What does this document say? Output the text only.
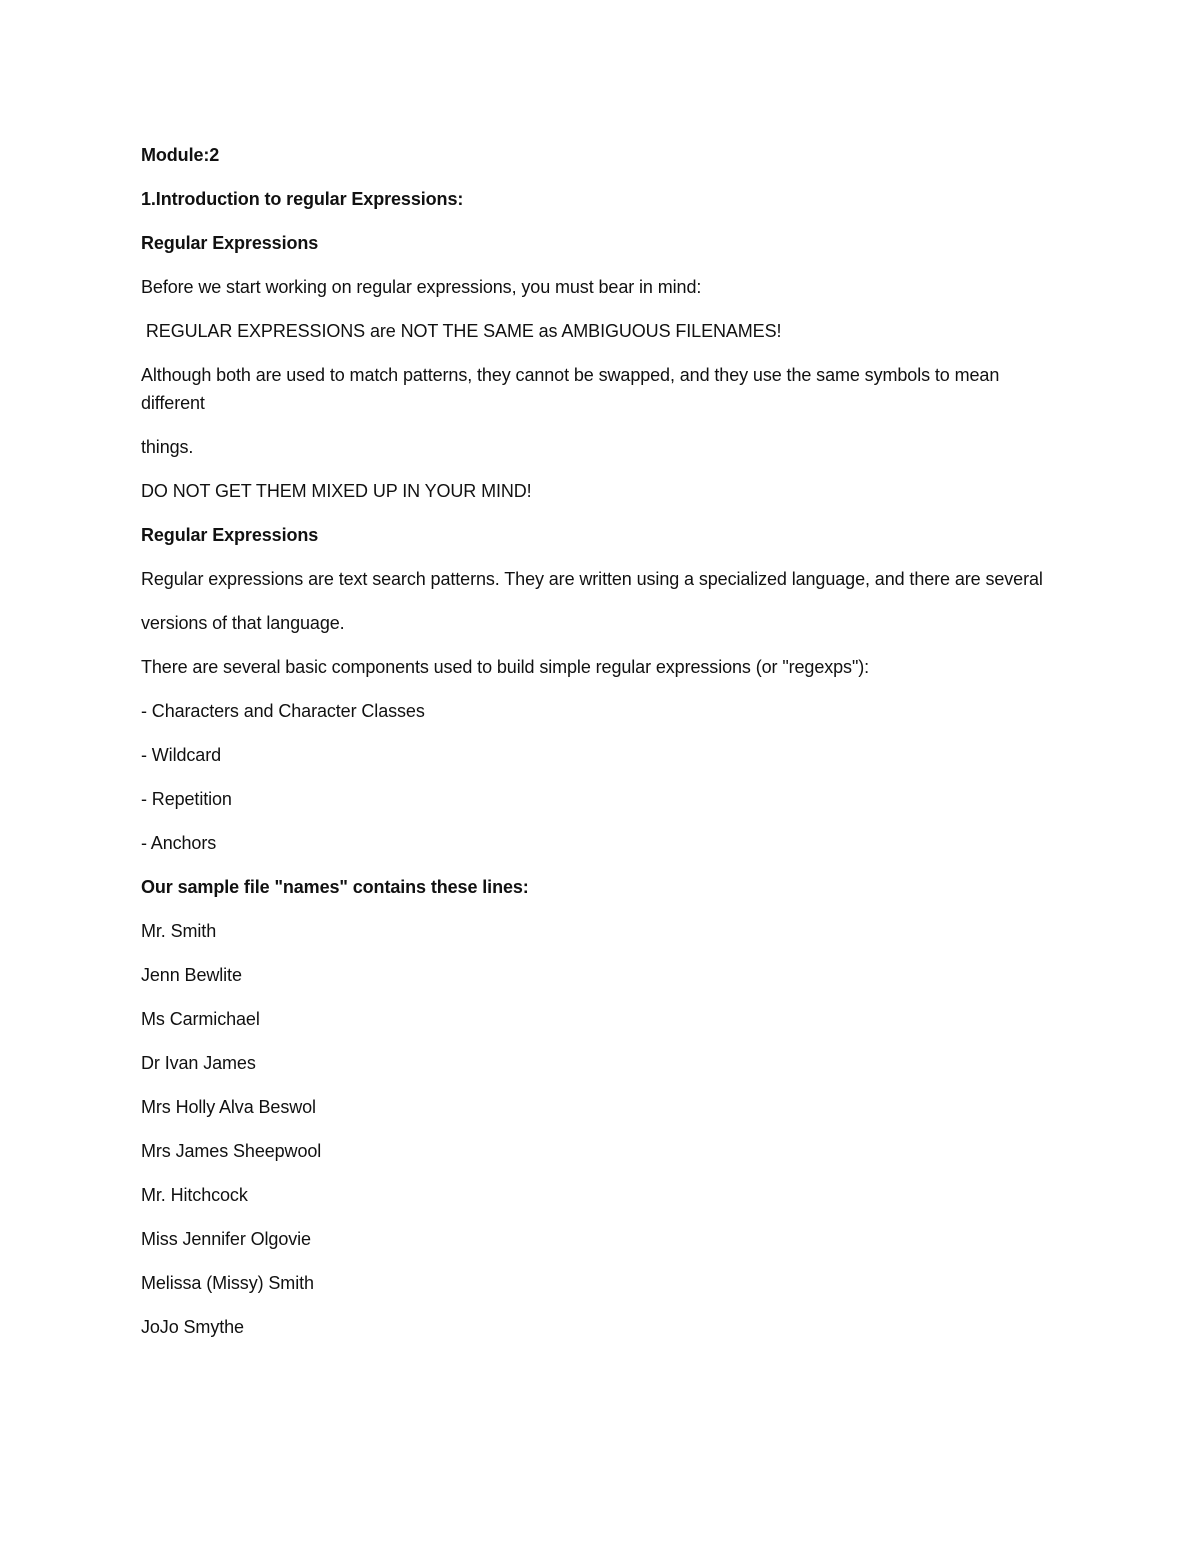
Module:2
1.Introduction to regular Expressions:
Regular Expressions
Before we start working on regular expressions, you must bear in mind:
REGULAR EXPRESSIONS are NOT THE SAME as AMBIGUOUS FILENAMES!
Although both are used to match patterns, they cannot be swapped, and they use the same symbols to mean different
things.
DO NOT GET THEM MIXED UP IN YOUR MIND!
Regular Expressions
Regular expressions are text search patterns. They are written using a specialized language, and there are several
versions of that language.
There are several basic components used to build simple regular expressions (or "regexps"):
- Characters and Character Classes
- Wildcard
- Repetition
- Anchors
Our sample file "names" contains these lines:
Mr. Smith
Jenn Bewlite
Ms Carmichael
Dr Ivan James
Mrs Holly Alva Beswol
Mrs James Sheepwool
Mr. Hitchcock
Miss Jennifer Olgovie
Melissa (Missy) Smith
JoJo Smythe
